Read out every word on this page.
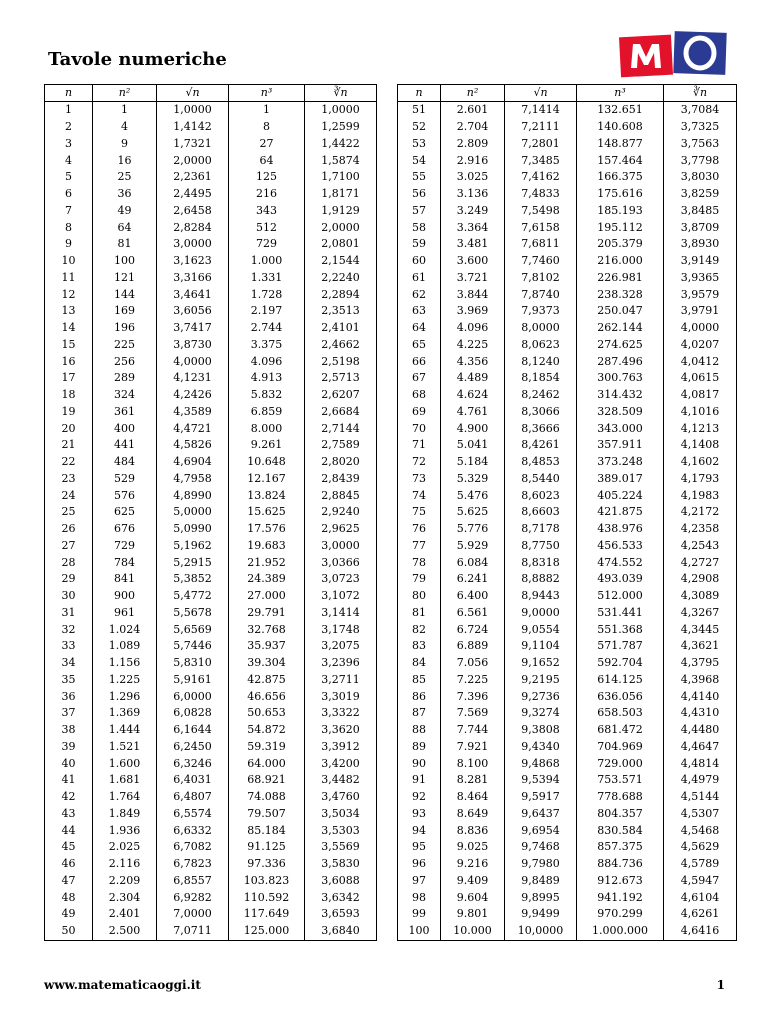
Tavole numeriche
n	n²	√n	n³	∛n
1	1	1,0000	1	1,0000
2	4	1,4142	8	1,2599
3	9	1,7321	27	1,4422
4	16	2,0000	64	1,5874
5	25	2,2361	125	1,7100
6	36	2,4495	216	1,8171
7	49	2,6458	343	1,9129
8	64	2,8284	512	2,0000
9	81	3,0000	729	2,0801
10	100	3,1623	1.000	2,1544
11	121	3,3166	1.331	2,2240
12	144	3,4641	1.728	2,2894
13	169	3,6056	2.197	2,3513
14	196	3,7417	2.744	2,4101
15	225	3,8730	3.375	2,4662
16	256	4,0000	4.096	2,5198
17	289	4,1231	4.913	2,5713
18	324	4,2426	5.832	2,6207
19	361	4,3589	6.859	2,6684
20	400	4,4721	8.000	2,7144
21	441	4,5826	9.261	2,7589
22	484	4,6904	10.648	2,8020
23	529	4,7958	12.167	2,8439
24	576	4,8990	13.824	2,8845
25	625	5,0000	15.625	2,9240
26	676	5,0990	17.576	2,9625
27	729	5,1962	19.683	3,0000
28	784	5,2915	21.952	3,0366
29	841	5,3852	24.389	3,0723
30	900	5,4772	27.000	3,1072
31	961	5,5678	29.791	3,1414
32	1.024	5,6569	32.768	3,1748
33	1.089	5,7446	35.937	3,2075
34	1.156	5,8310	39.304	3,2396
35	1.225	5,9161	42.875	3,2711
36	1.296	6,0000	46.656	3,3019
37	1.369	6,0828	50.653	3,3322
38	1.444	6,1644	54.872	3,3620
39	1.521	6,2450	59.319	3,3912
40	1.600	6,3246	64.000	3,4200
41	1.681	6,4031	68.921	3,4482
42	1.764	6,4807	74.088	3,4760
43	1.849	6,5574	79.507	3,5034
44	1.936	6,6332	85.184	3,5303
45	2.025	6,7082	91.125	3,5569
46	2.116	6,7823	97.336	3,5830
47	2.209	6,8557	103.823	3,6088
48	2.304	6,9282	110.592	3,6342
49	2.401	7,0000	117.649	3,6593
50	2.500	7,0711	125.000	3,6840
n	n²	√n	n³	∛n
51	2.601	7,1414	132.651	3,7084
52	2.704	7,2111	140.608	3,7325
53	2.809	7,2801	148.877	3,7563
54	2.916	7,3485	157.464	3,7798
55	3.025	7,4162	166.375	3,8030
56	3.136	7,4833	175.616	3,8259
57	3.249	7,5498	185.193	3,8485
58	3.364	7,6158	195.112	3,8709
59	3.481	7,6811	205.379	3,8930
60	3.600	7,7460	216.000	3,9149
61	3.721	7,8102	226.981	3,9365
62	3.844	7,8740	238.328	3,9579
63	3.969	7,9373	250.047	3,9791
64	4.096	8,0000	262.144	4,0000
65	4.225	8,0623	274.625	4,0207
66	4.356	8,1240	287.496	4,0412
67	4.489	8,1854	300.763	4,0615
68	4.624	8,2462	314.432	4,0817
69	4.761	8,3066	328.509	4,1016
70	4.900	8,3666	343.000	4,1213
71	5.041	8,4261	357.911	4,1408
72	5.184	8,4853	373.248	4,1602
73	5.329	8,5440	389.017	4,1793
74	5.476	8,6023	405.224	4,1983
75	5.625	8,6603	421.875	4,2172
76	5.776	8,7178	438.976	4,2358
77	5.929	8,7750	456.533	4,2543
78	6.084	8,8318	474.552	4,2727
79	6.241	8,8882	493.039	4,2908
80	6.400	8,9443	512.000	4,3089
81	6.561	9,0000	531.441	4,3267
82	6.724	9,0554	551.368	4,3445
83	6.889	9,1104	571.787	4,3621
84	7.056	9,1652	592.704	4,3795
85	7.225	9,2195	614.125	4,3968
86	7.396	9,2736	636.056	4,4140
87	7.569	9,3274	658.503	4,4310
88	7.744	9,3808	681.472	4,4480
89	7.921	9,4340	704.969	4,4647
90	8.100	9,4868	729.000	4,4814
91	8.281	9,5394	753.571	4,4979
92	8.464	9,5917	778.688	4,5144
93	8.649	9,6437	804.357	4,5307
94	8.836	9,6954	830.584	4,5468
95	9.025	9,7468	857.375	4,5629
96	9.216	9,7980	884.736	4,5789
97	9.409	9,8489	912.673	4,5947
98	9.604	9,8995	941.192	4,6104
99	9.801	9,9499	970.299	4,6261
100	10.000	10,0000	1.000.000	4,6416
www.matematicaoggi.it	1
